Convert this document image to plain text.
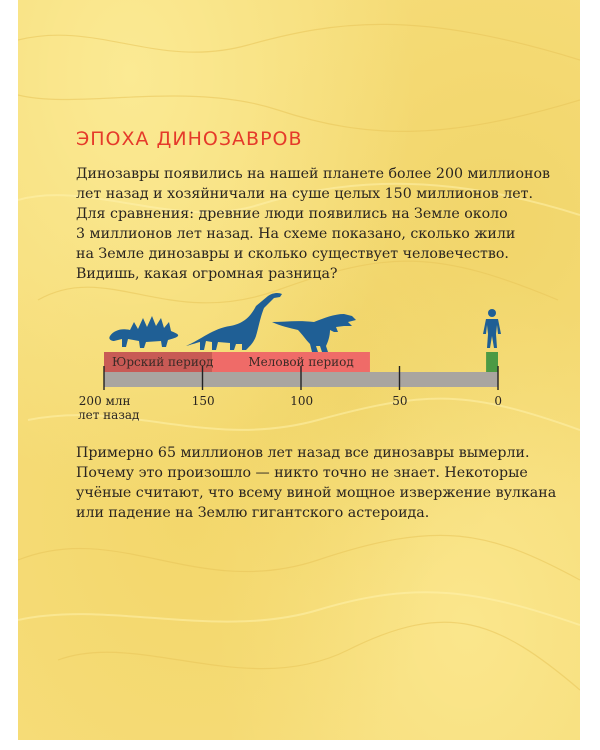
ЭПОХА ДИНОЗАВРОВ

Динозавры появились на нашей планете более 200 миллионов
лет назад и хозяйничали на суше целых 150 миллионов лет.
Для сравнения: древние люди появились на Земле около
3 миллионов лет назад. На схеме показано, сколько жили
на Земле динозавры и сколько существует человечество.
Видишь, какая огромная разница?

Юрский период	Меловой период
200 млн
лет назад
150	100	50	0

Примерно 65 миллионов лет назад все динозавры вымерли.
Почему это произошло — никто точно не знает. Некоторые
учёные считают, что всему виной мощное извержение вулкана
или падение на Землю гигантского астероида.
